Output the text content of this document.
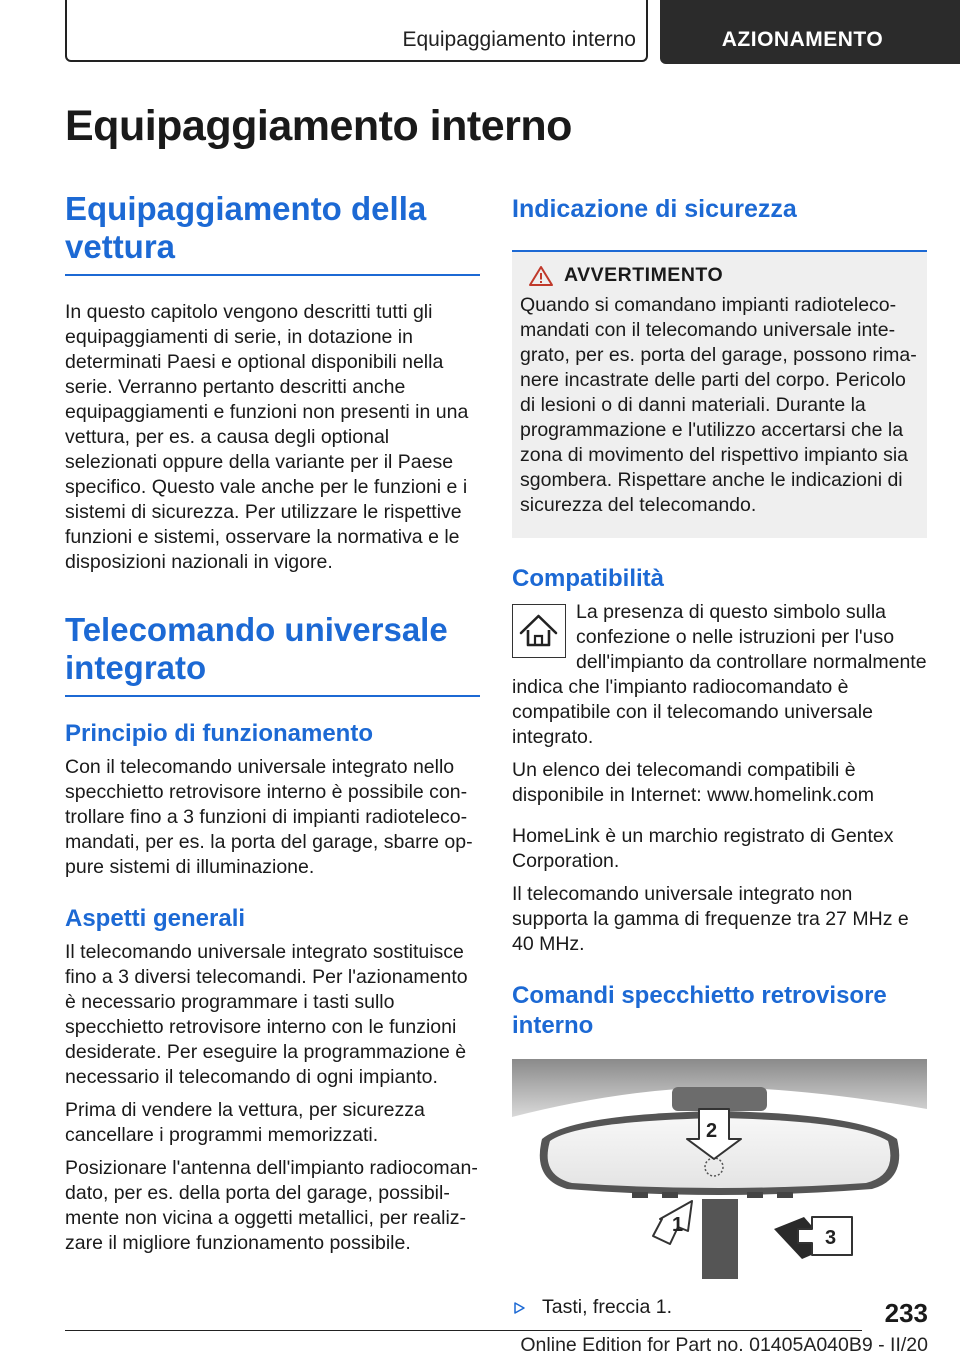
Equipaggiamento interno	AZIONAMENTO
Equipaggiamento interno
Equipaggiamento della vettura

In questo capitolo vengono descritti tutti gli equipaggiamenti di serie, in dotazione in determinati Paesi e optional disponibili nella serie. Verranno pertanto descritti anche equipaggiamenti e funzioni non presenti in una vettura, per es. a causa degli optional selezionati oppure della variante per il Paese specifico. Questo vale anche per le funzioni e i sistemi di sicurezza. Per utilizzare le rispettive funzioni e sistemi, osservare la normativa e le disposizioni nazionali in vigore.

Telecomando universale integrato
Principio di funzionamento

Con il telecomando universale integrato nello specchietto retrovisore interno è possibile controllare fino a 3 funzioni di impianti radiotelecomandati, per es. la porta del garage, sbarre oppure sistemi di illuminazione.

Aspetti generali

Il telecomando universale integrato sostituisce fino a 3 diversi telecomandi. Per l'azionamento è necessario programmare i tasti sullo specchietto retrovisore interno con le funzioni desiderate. Per eseguire la programmazione è necessario il telecomando di ogni impianto.

Prima di vendere la vettura, per sicurezza cancellare i programmi memorizzati.

Posizionare l'antenna dell'impianto radiocomandato, per es. della porta del garage, possibilmente non vicina a oggetti metallici, per realizzare il migliore funzionamento possibile.

Indicazione di sicurezza
AVVERTIMENTO

Quando si comandano impianti radiotelecomandati con il telecomando universale integrato, per es. porta del garage, possono rimanere incastrate delle parti del corpo. Pericolo di lesioni o di danni materiali. Durante la programmazione e l'utilizzo accertarsi che la zona di movimento del rispettivo impianto sia sgombera. Rispettare anche le indicazioni di sicurezza del telecomando.

Compatibilità

La presenza di questo simbolo sulla confezione o nelle istruzioni per l'uso dell'impianto da controllare normalmente indica che l'impianto radiocomandato è compatibile con il telecomando universale integrato.

Un elenco dei telecomandi compatibili è disponibile in Internet: www.homelink.com

HomeLink è un marchio registrato di Gentex Corporation.

Il telecomando universale integrato non supporta la gamma di frequenze tra 27 MHz e 40 MHz.

Comandi specchietto retrovisore interno
2
1
3

Tasti, freccia 1.	233
Online Edition for Part no. 01405A040B9 - II/20
